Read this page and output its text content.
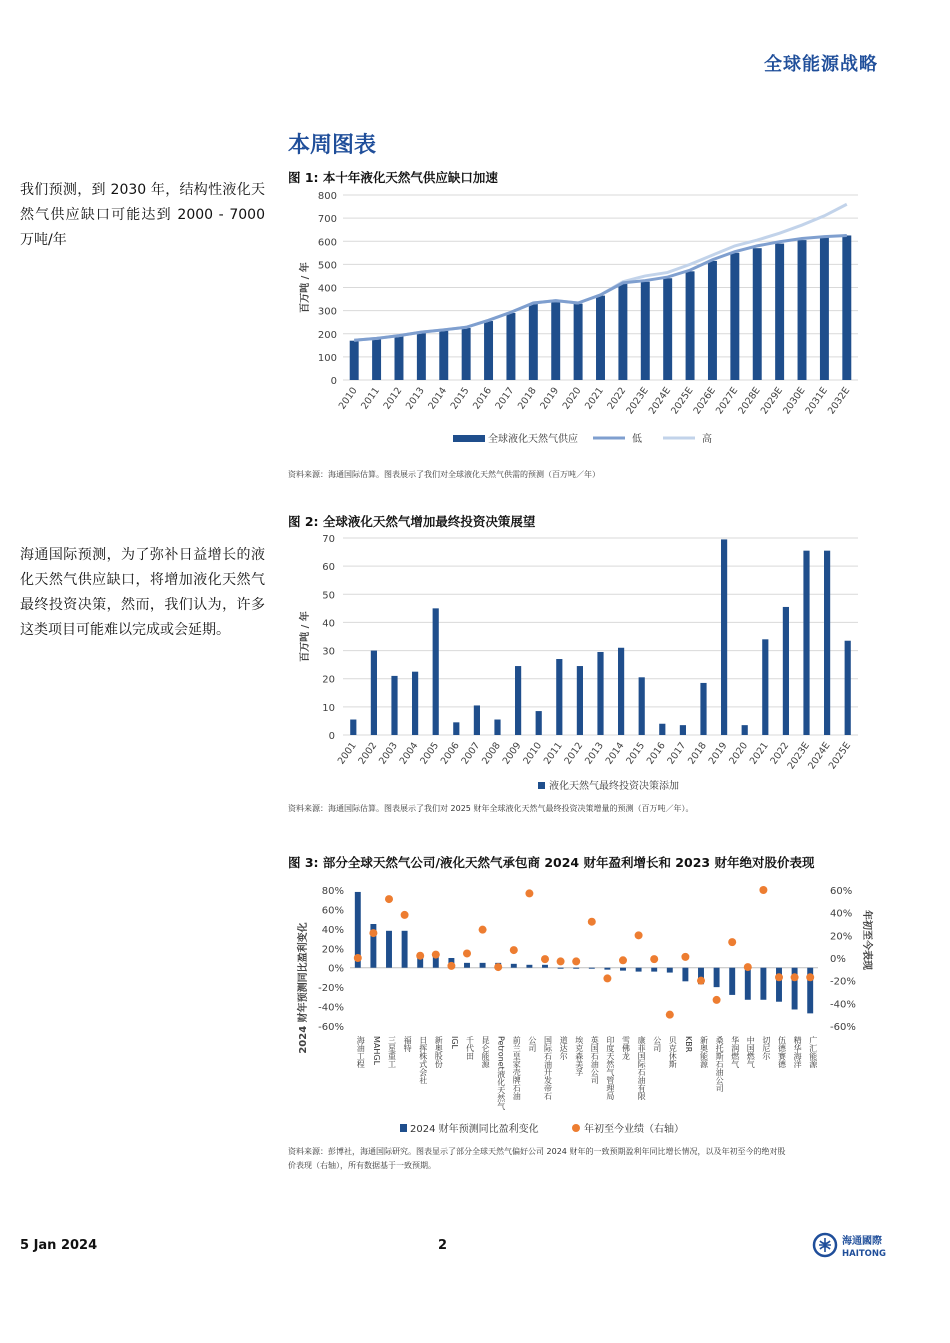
全球能源战略
本周图表
我们预测，到 2030 年，结构性液化天然气供应缺口可能达到 2000 - 7000 万吨/年
海通国际预测，为了弥补日益增长的液化天然气供应缺口，将增加液化天然气最终投资决策，然而，我们认为，许多这类项目可能难以完成或会延期。
图 1: 本十年液化天然气供应缺口加速
0
100
200
300
400
500
600
700
800
2010 2011 2012 2013 2014 2015 2016 2017 2018 2019 2020 2021 2022
2023E
2024E
2025E
2026E
2027E
2028E
2029E
2030E
2031E
2032E
百万吨 / 年
全球液化天然气供应	低	高
资料来源：海通国际估算。图表展示了我们对全球液化天然气供需的预测（百万吨／年）
图 2: 全球液化天然气增加最终投资决策展望
0
10
20
30
40
50
60
70
2001
2002
2003
2004
2005
2006
2007
2008
2009
2010
2011
2012
2013
2014
2015
2016
2017
2018
2019
2020
2021
2022
2023E
2024E
2025E
百万吨 / 年
液化天然气最终投资决策添加
资料来源：海通国际估算。图表展示了我们对 2025 财年全球液化天然气最终投资决策增量的预测（百万吨／年）。
图 3: 部分全球天然气公司/液化天然气承包商 2024 财年盈利增长和 2023 财年绝对股价表现
80%
60%
40%
20%
0%
-20%
-40%
-60%
60%
40%
20%
0%
-20%
-40%
-60%
海油工程 MAHGL 三星重工 福特 日挥株式会社 新奥股份 IGL 千代田 昆仑能源 Petronet液化天然气 前兰皇家壳牌石油 公司 国际石油开发帝石 道达尔 埃克森美孚 英国石油公司 印度天然气管理局 雪佛龙 康菲国际石油有限 公司 贝克休斯 KBR 新奥能源 桑托斯石油公司 华润燃气 中国燃气 切尼尔 伍德赛德 精华海洋 广汇能源
2024 财年预测同比盈利变化	年初至今表现
2024 财年预测同比盈利变化	年初至今业绩（右轴）
资料来源：彭博社，海通国际研究。图表显示了部分全球天然气偏好公司 2024 财年的一致预期盈利年同比增长情况，以及年初至今的绝对股
价表现（右轴），所有数据基于一致预期。
5 Jan 2024	2	海通國際
HAITONG
